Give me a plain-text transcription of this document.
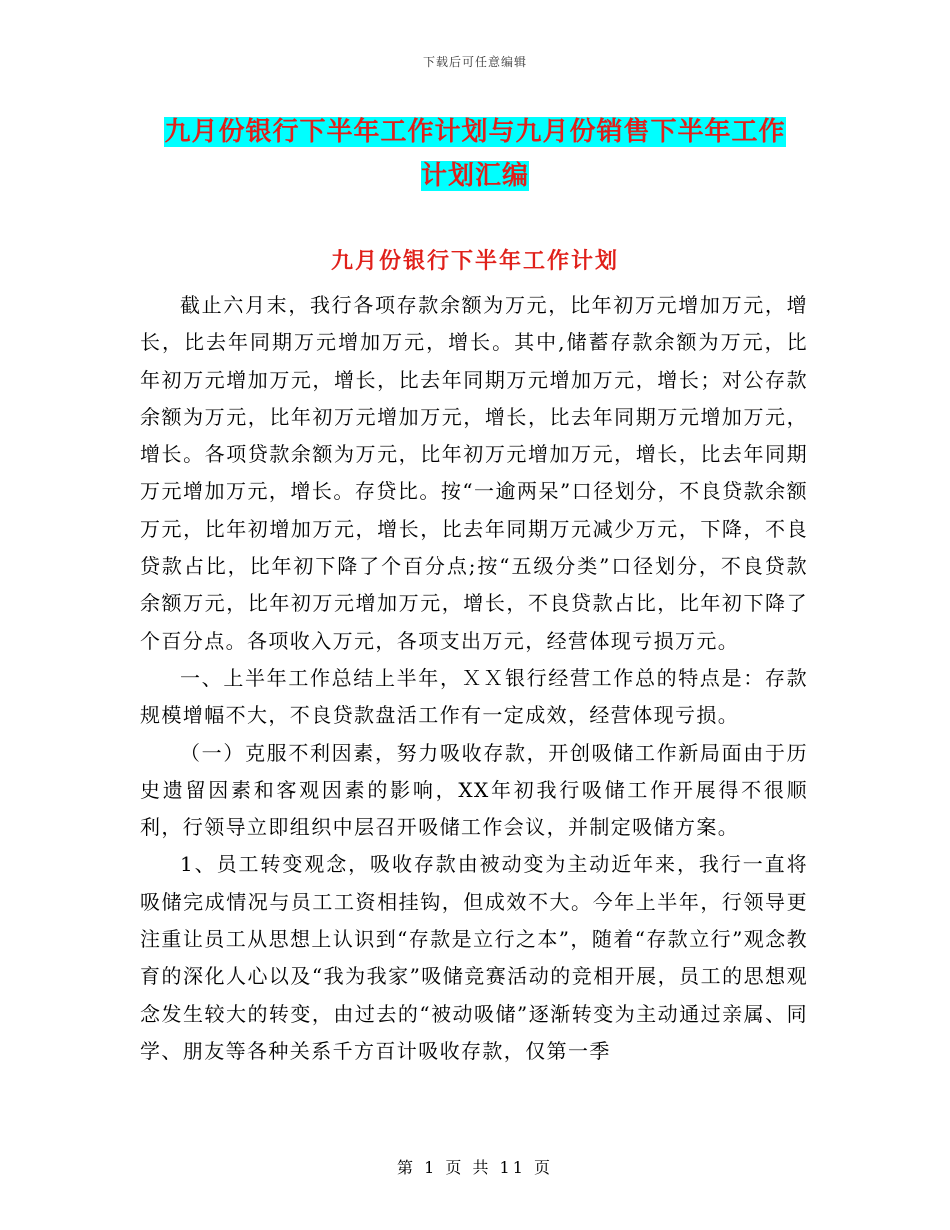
下载后可任意编辑
九月份银行下半年工作计划与九月份销售下半年工作
计划汇编
九月份银行下半年工作计划

截止六月末，我行各项存款余额为万元，比年初万元增加万元，增长，比去年同期万元增加万元，增长。其中,储蓄存款余额为万元，比年初万元增加万元，增长，比去年同期万元增加万元，增长；对公存款余额为万元，比年初万元增加万元，增长，比去年同期万元增加万元，增长。各项贷款余额为万元，比年初万元增加万元，增长，比去年同期万元增加万元，增长。存贷比。按“一逾两呆”口径划分，不良贷款余额万元，比年初增加万元，增长，比去年同期万元减少万元，下降，不良贷款占比，比年初下降了个百分点;按“五级分类”口径划分，不良贷款余额万元，比年初万元增加万元，增长，不良贷款占比，比年初下降了个百分点。各项收入万元，各项支出万元，经营体现亏损万元。

一、上半年工作总结上半年，ＸＸ银行经营工作总的特点是：存款规模增幅不大，不良贷款盘活工作有一定成效，经营体现亏损。

（一）克服不利因素，努力吸收存款，开创吸储工作新局面由于历史遗留因素和客观因素的影响，XX年初我行吸储工作开展得不很顺利，行领导立即组织中层召开吸储工作会议，并制定吸储方案。

1、员工转变观念，吸收存款由被动变为主动近年来，我行一直将吸储完成情况与员工工资相挂钩，但成效不大。今年上半年，行领导更注重让员工从思想上认识到“存款是立行之本”，随着“存款立行”观念教育的深化人心以及“我为我家”吸储竞赛活动的竞相开展，员工的思想观念发生较大的转变，由过去的“被动吸储”逐渐转变为主动通过亲属、同学、朋友等各种关系千方百计吸收存款，仅第一季

第 1 页 共 11 页
